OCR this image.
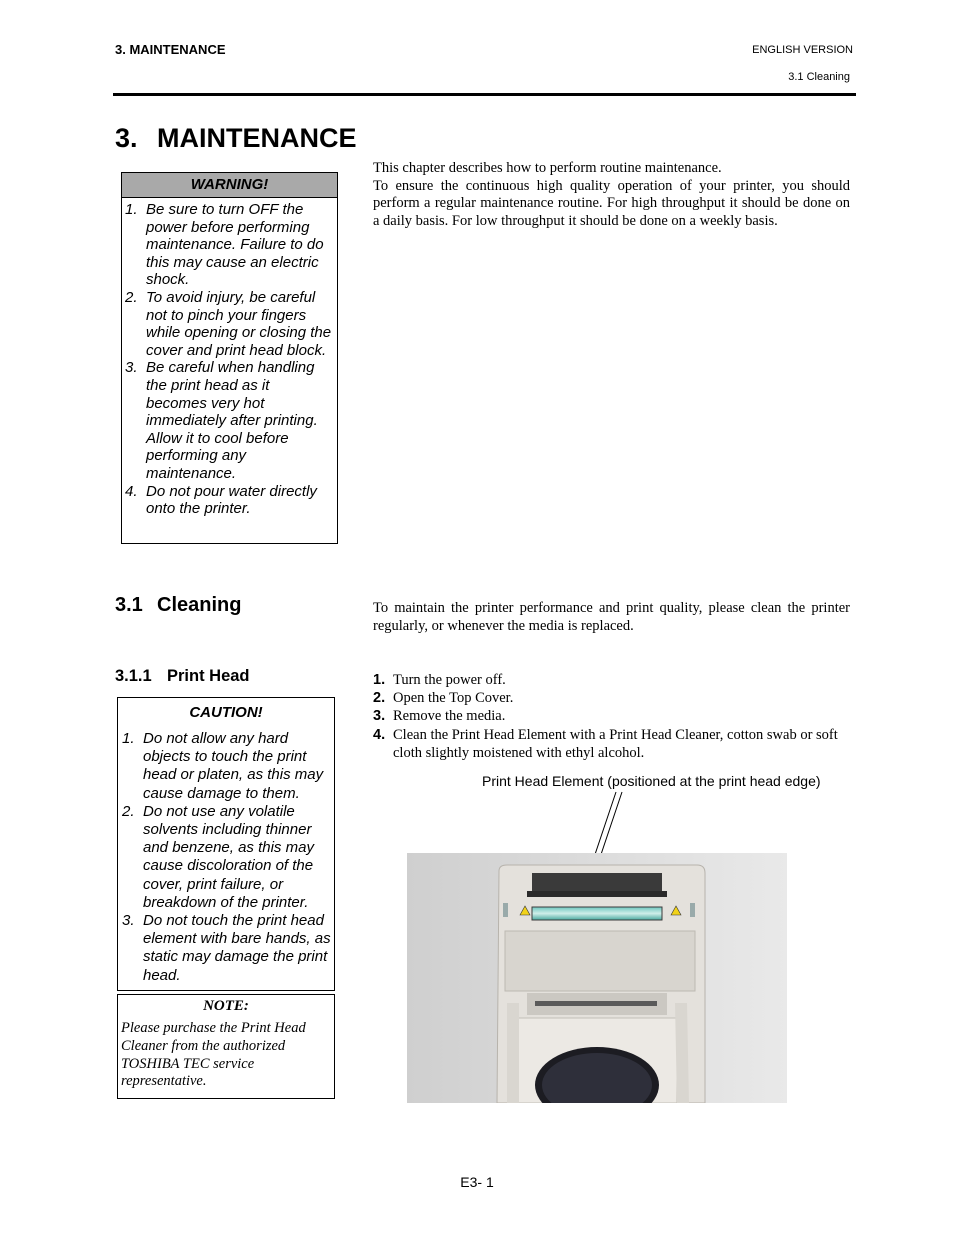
3. MAINTENANCE	ENGLISH VERSION
3.1 Cleaning
3. MAINTENANCE

This chapter describes how to perform routine maintenance.

To ensure the continuous high quality operation of your printer, you should perform a regular maintenance routine. For high throughput it should be done on a daily basis. For low throughput it should be done on a weekly basis.

WARNING!
1. Be sure to turn OFF the power before performing maintenance. Failure to do this may cause an electric shock.
2. To avoid injury, be careful not to pinch your fingers while opening or closing the cover and print head block.
3. Be careful when handling the print head as it becomes very hot immediately after printing. Allow it to cool before performing any maintenance.
4. Do not pour water directly onto the printer.
3.1 Cleaning	To maintain the printer performance and print quality, please clean the printer regularly, or whenever the media is replaced.
3.1.1 Print Head
CAUTION!
1. Do not allow any hard objects to touch the print head or platen, as this may cause damage to them.
2. Do not use any volatile solvents including thinner and benzene, as this may cause discoloration of the cover, print failure, or breakdown of the printer.
3. Do not touch the print head element with bare hands, as static may damage the print head.
NOTE:
Please purchase the Print Head Cleaner from the authorized TOSHIBA TEC service representative.
1. Turn the power off.
2. Open the Top Cover.
3. Remove the media.
4. Clean the Print Head Element with a Print Head Cleaner, cotton swab or soft cloth slightly moistened with ethyl alcohol.
Print Head Element (positioned at the print head edge)
E3- 1
